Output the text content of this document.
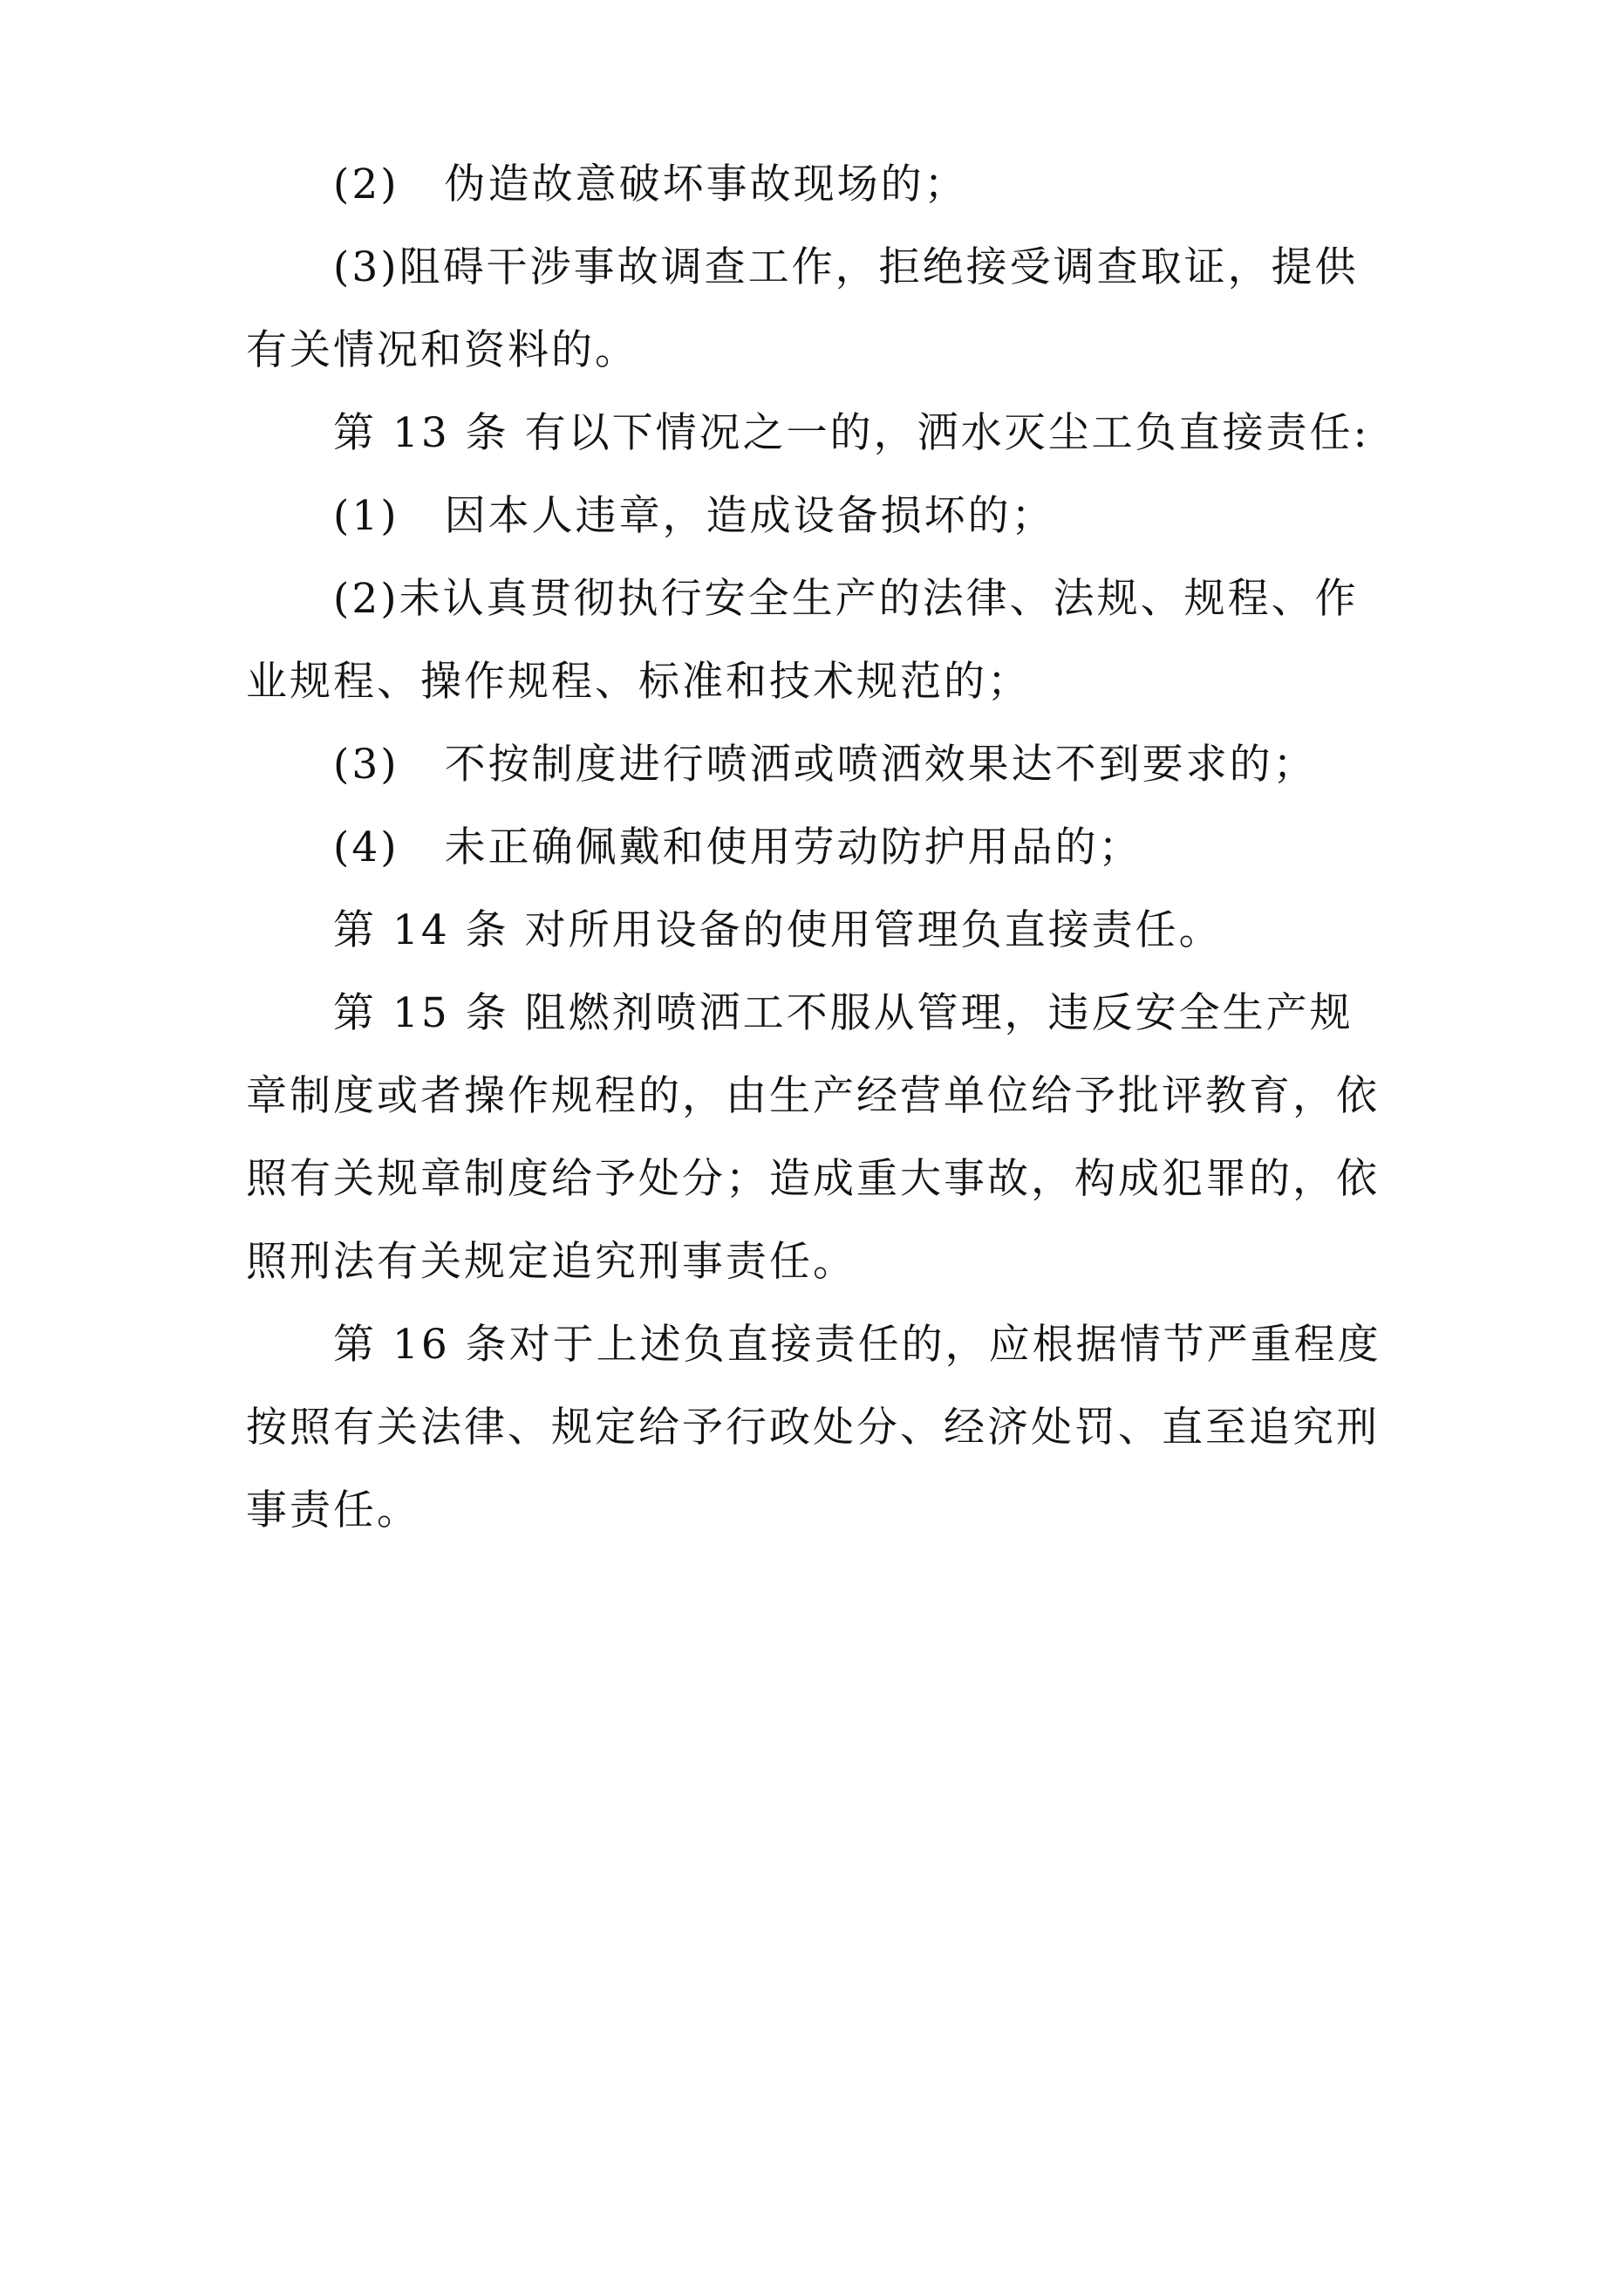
(2) 伪造故意破坏事故现场的；

(3)阻碍干涉事故调查工作，拒绝接受调查取证，提供有关情况和资料的。

第 13 条 有以下情况之一的，洒水灭尘工负直接责任:

(1) 因本人违章，造成设备损坏的；

(2)未认真贯彻执行安全生产的法律、法规、规程、作业规程、操作规程、标准和技术规范的；

(3) 不按制度进行喷洒或喷洒效果达不到要求的；

(4) 未正确佩戴和使用劳动防护用品的；

第 14 条 对所用设备的使用管理负直接责任。

第 15 条 阻燃剂喷洒工不服从管理，违反安全生产规章制度或者操作规程的，由生产经营单位给予批评教育，依照有关规章制度给予处分；造成重大事故，构成犯罪的，依照刑法有关规定追究刑事责任。

第 16 条对于上述负直接责任的，应根据情节严重程度按照有关法律、规定给予行政处分、经济处罚、直至追究刑事责任。
